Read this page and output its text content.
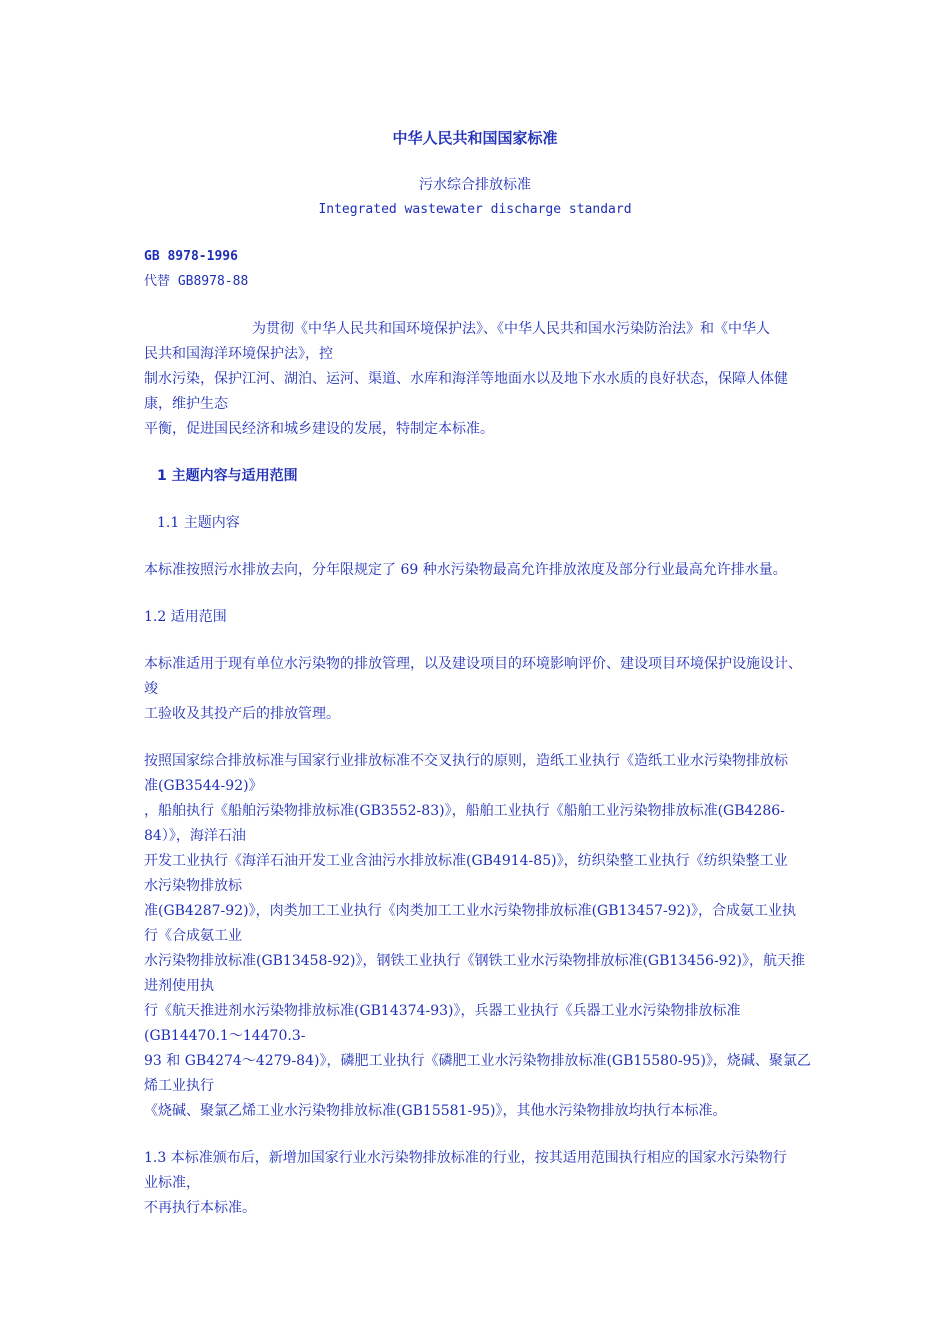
中华人民共和国国家标准
污水综合排放标准
Integrated wastewater discharge standard
GB 8978-1996
代替 GB8978-88
为贯彻《中华人民共和国环境保护法》、《中华人民共和国水污染防治法》和《中华人
民共和国海洋环境保护法》，控
制水污染，保护江河、湖泊、运河、渠道、水库和海洋等地面水以及地下水水质的良好状态，保障人体健
康，维护生态
平衡，促进国民经济和城乡建设的发展，特制定本标准。
1 主题内容与适用范围
1.1 主题内容
本标准按照污水排放去向，分年限规定了 69 种水污染物最高允许排放浓度及部分行业最高允许排水量。
1.2 适用范围
本标准适用于现有单位水污染物的排放管理，以及建设项目的环境影响评价、建设项目环境保护设施设计、
竣
工验收及其投产后的排放管理。
按照国家综合排放标准与国家行业排放标准不交叉执行的原则，造纸工业执行《造纸工业水污染物排放标
准(GB3544-92)》
，船舶执行《船舶污染物排放标准(GB3552-83)》，船舶工业执行《船舶工业污染物排放标准(GB4286-
84）》，海洋石油
开发工业执行《海洋石油开发工业含油污水排放标准(GB4914-85)》，纺织染整工业执行《纺织染整工业
水污染物排放标
准(GB4287-92)》，肉类加工工业执行《肉类加工工业水污染物排放标准(GB13457-92)》，合成氨工业执
行《合成氨工业
水污染物排放标准(GB13458-92)》，钢铁工业执行《钢铁工业水污染物排放标准(GB13456-92)》，航天推
进剂使用执
行《航天推进剂水污染物排放标准(GB14374-93)》，兵器工业执行《兵器工业水污染物排放标准
(GB14470.1～14470.3-
93 和 GB4274～4279-84)》，磷肥工业执行《磷肥工业水污染物排放标准(GB15580-95)》，烧碱、聚氯乙
烯工业执行
《烧碱、聚氯乙烯工业水污染物排放标准(GB15581-95)》，其他水污染物排放均执行本标准。
1.3 本标准颁布后，新增加国家行业水污染物排放标准的行业，按其适用范围执行相应的国家水污染物行
业标准，
不再执行本标准。
